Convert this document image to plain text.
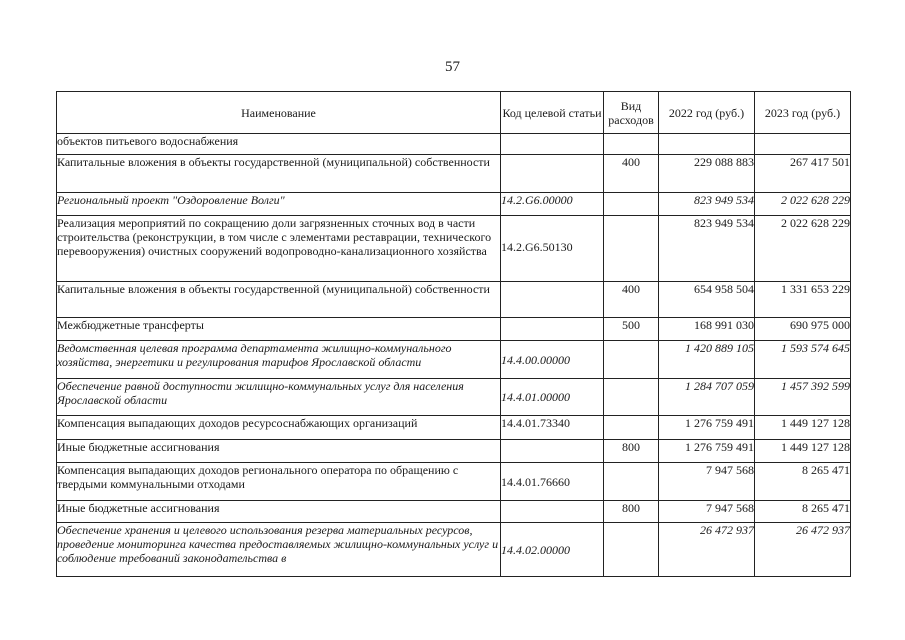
57
Наименование	Код целевой статьи	Вид расходов	2022 год (руб.)	2023 год (руб.)
объектов питьевого водоснабжения				
Капитальные вложения в объекты государственной (муниципальной) собственности		400	229 088 883	267 417 501
Региональный проект "Оздоровление Волги"	14.2.G6.00000		823 949 534	2 022 628 229
Реализация мероприятий по сокращению доли загрязненных сточных вод в части строительства (реконструкции, в том числе с элементами реставрации, технического перевооружения) очистных сооружений водопроводно-канализационного хозяйства	14.2.G6.50130		823 949 534	2 022 628 229
Капитальные вложения в объекты государственной (муниципальной) собственности		400	654 958 504	1 331 653 229
Межбюджетные трансферты		500	168 991 030	690 975 000
Ведомственная целевая программа департамента жилищно-коммунального хозяйства, энергетики и регулирования тарифов Ярославской области	14.4.00.00000		1 420 889 105	1 593 574 645
Обеспечение равной доступности жилищно-коммунальных услуг для населения Ярославской области	14.4.01.00000		1 284 707 059	1 457 392 599
Компенсация выпадающих доходов ресурсоснабжающих организаций	14.4.01.73340		1 276 759 491	1 449 127 128
Иные бюджетные ассигнования		800	1 276 759 491	1 449 127 128
Компенсация выпадающих доходов регионального оператора по обращению с твердыми коммунальными отходами	14.4.01.76660		7 947 568	8 265 471
Иные бюджетные ассигнования		800	7 947 568	8 265 471
Обеспечение хранения и целевого использования резерва материальных ресурсов, проведение мониторинга качества предоставляемых жилищно-коммунальных услуг и соблюдение требований законодательства в	14.4.02.00000		26 472 937	26 472 937
